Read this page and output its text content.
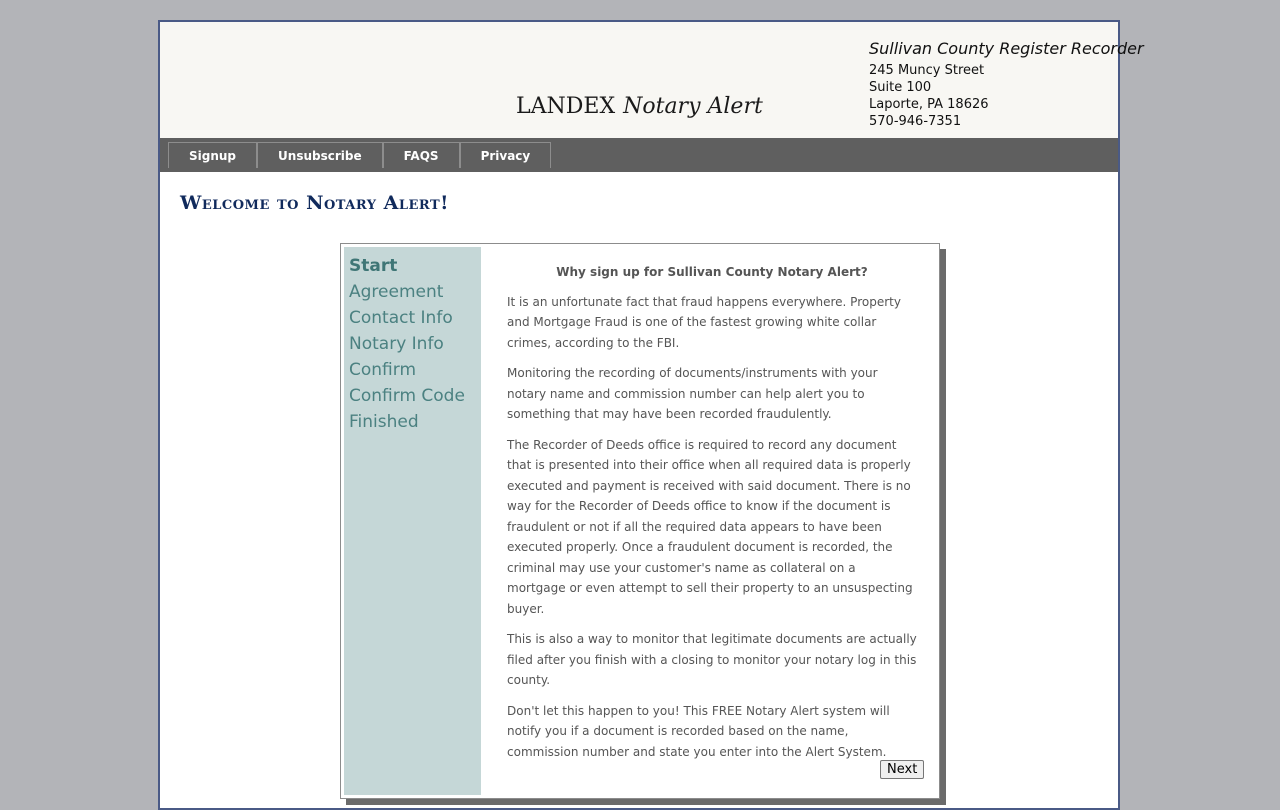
LANDEX Notary Alert
Sullivan County Register Recorder
245 Muncy Street
Suite 100
Laporte, PA 18626
570-946-7351
Signup	Unsubscribe	FAQS	Privacy
Welcome to Notary Alert!
Start
Agreement
Contact Info
Notary Info
Confirm
Confirm Code
Finished
Why sign up for Sullivan County Notary Alert?

It is an unfortunate fact that fraud happens everywhere. Property and Mortgage Fraud is one of the fastest growing white collar crimes, according to the FBI.

Monitoring the recording of documents/instruments with your notary name and commission number can help alert you to something that may have been recorded fraudulently.

The Recorder of Deeds office is required to record any document that is presented into their office when all required data is properly executed and payment is received with said document. There is no way for the Recorder of Deeds office to know if the document is fraudulent or not if all the required data appears to have been executed properly. Once a fraudulent document is recorded, the criminal may use your customer's name as collateral on a mortgage or even attempt to sell their property to an unsuspecting buyer.

This is also a way to monitor that legitimate documents are actually filed after you finish with a closing to monitor your notary log in this county.

Don't let this happen to you! This FREE Notary Alert system will notify you if a document is recorded based on the name, commission number and state you enter into the Alert System.

Next
